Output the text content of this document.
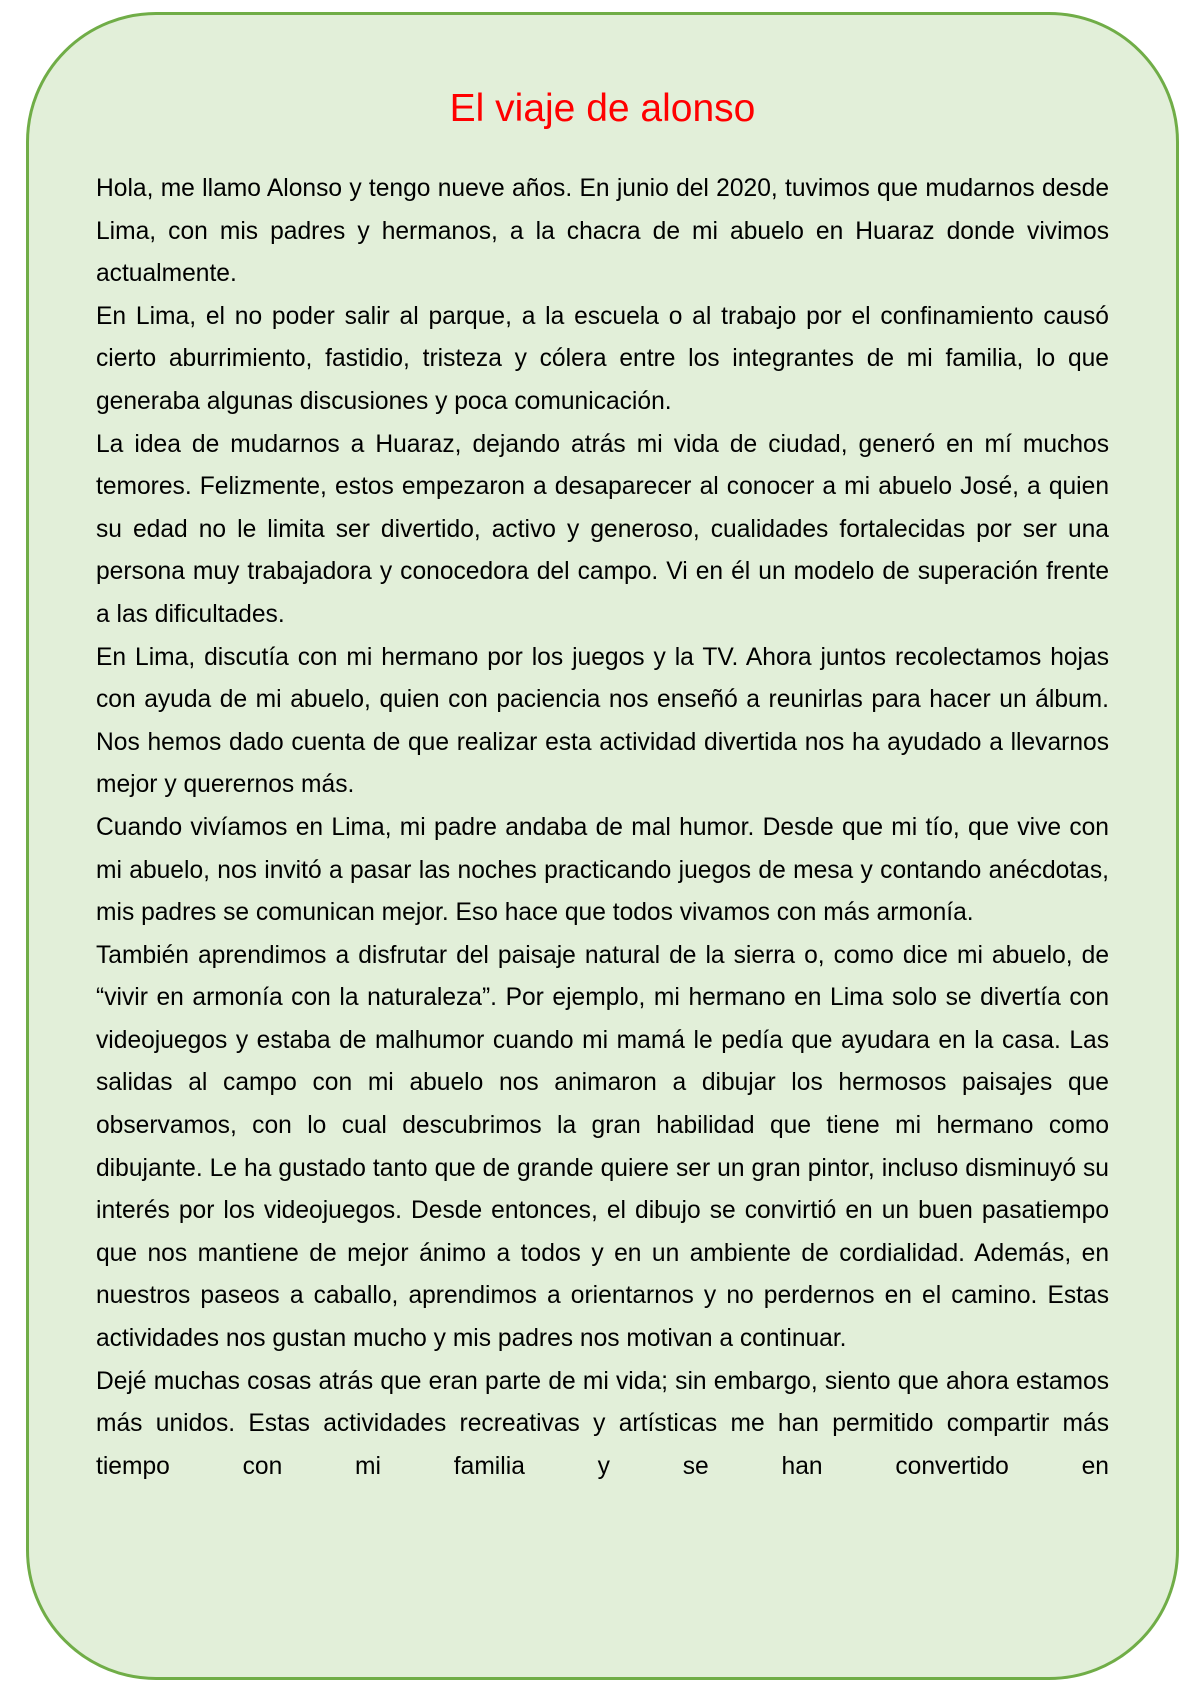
El viaje de alonso

Hola, me llamo Alonso y tengo nueve años. En junio del 2020, tuvimos que mudarnos desde Lima, con mis padres y hermanos, a la chacra de mi abuelo en Huaraz donde vivimos actualmente.

En Lima, el no poder salir al parque, a la escuela o al trabajo por el confinamiento causó cierto aburrimiento, fastidio, tristeza y cólera entre los integrantes de mi familia, lo que generaba algunas discusiones y poca comunicación.

La idea de mudarnos a Huaraz, dejando atrás mi vida de ciudad, generó en mí muchos temores. Felizmente, estos empezaron a desaparecer al conocer a mi abuelo José, a quien su edad no le limita ser divertido, activo y generoso, cualidades fortalecidas por ser una persona muy trabajadora y conocedora del campo. Vi en él un modelo de superación frente a las dificultades.

En Lima, discutía con mi hermano por los juegos y la TV. Ahora juntos recolectamos hojas con ayuda de mi abuelo, quien con paciencia nos enseñó a reunirlas para hacer un álbum. Nos hemos dado cuenta de que realizar esta actividad divertida nos ha ayudado a llevarnos mejor y querernos más.

Cuando vivíamos en Lima, mi padre andaba de mal humor. Desde que mi tío, que vive con mi abuelo, nos invitó a pasar las noches practicando juegos de mesa y contando anécdotas, mis padres se comunican mejor. Eso hace que todos vivamos con más armonía.

También aprendimos a disfrutar del paisaje natural de la sierra o, como dice mi abuelo, de “vivir en armonía con la naturaleza”. Por ejemplo, mi hermano en Lima solo se divertía con videojuegos y estaba de malhumor cuando mi mamá le pedía que ayudara en la casa. Las salidas al campo con mi abuelo nos animaron a dibujar los hermosos paisajes que observamos, con lo cual descubrimos la gran habilidad que tiene mi hermano como dibujante. Le ha gustado tanto que de grande quiere ser un gran pintor, incluso disminuyó su interés por los videojuegos. Desde entonces, el dibujo se convirtió en un buen pasatiempo que nos mantiene de mejor ánimo a todos y en un ambiente de cordialidad. Además, en nuestros paseos a caballo, aprendimos a orientarnos y no perdernos en el camino. Estas actividades nos gustan mucho y mis padres nos motivan a continuar.

Dejé muchas cosas atrás que eran parte de mi vida; sin embargo, siento que ahora estamos más unidos. Estas actividades recreativas y artísticas me han permitido compartir más tiempo con mi familia y se han convertido en
